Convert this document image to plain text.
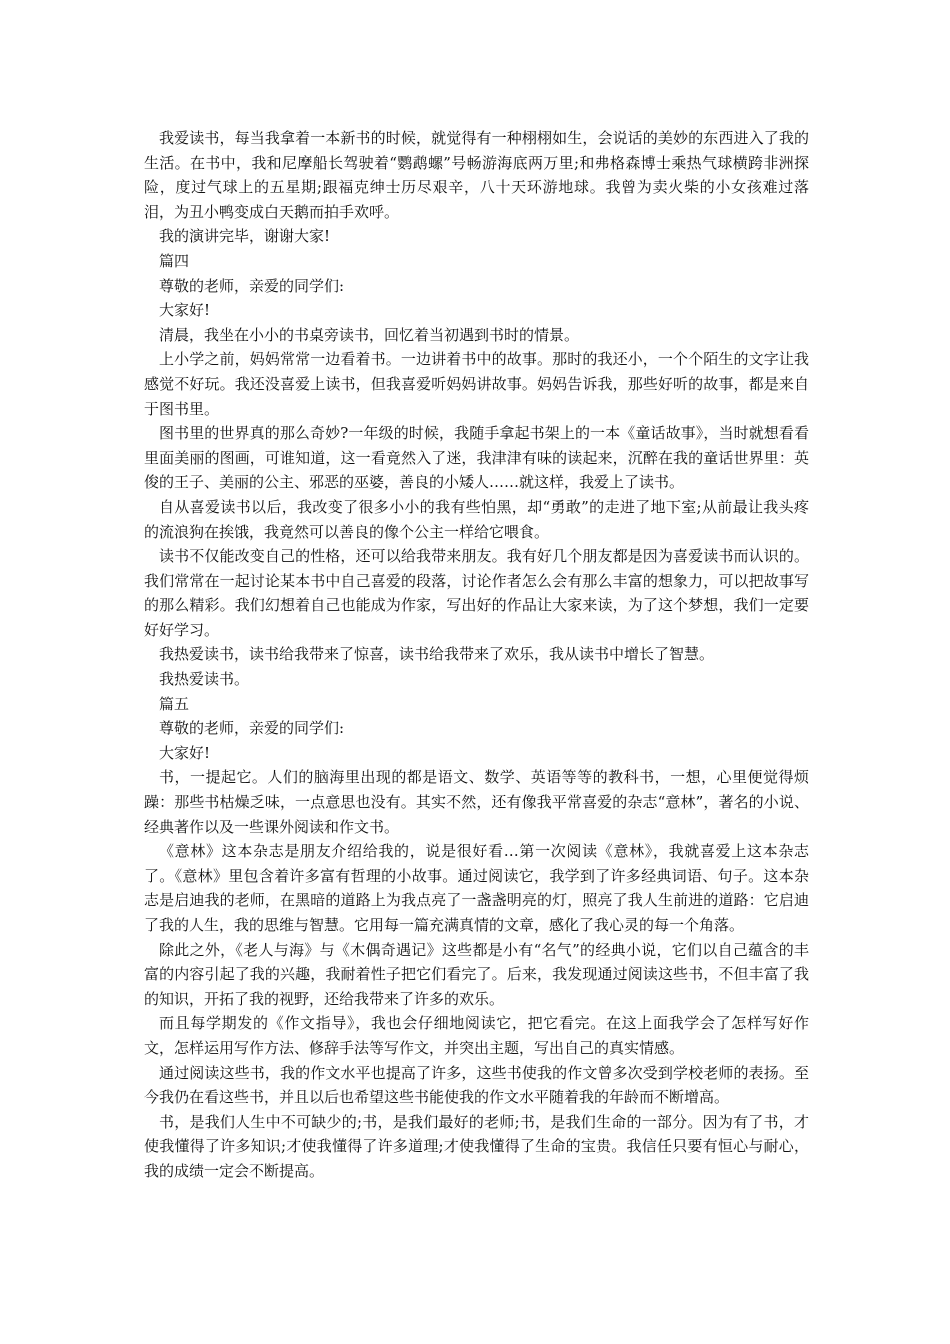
我爱读书，每当我拿着一本新书的时候，就觉得有一种栩栩如生，会说话的美妙的东西进入了我的生活。在书中，我和尼摩船长驾驶着“鹦鹉螺”号畅游海底两万里;和弗格森博士乘热气球横跨非洲探险，度过气球上的五星期;跟福克绅士历尽艰辛，八十天环游地球。我曾为卖火柴的小女孩难过落泪，为丑小鸭变成白天鹅而拍手欢呼。

我的演讲完毕，谢谢大家!

篇四

尊敬的老师，亲爱的同学们:

大家好!

清晨，我坐在小小的书桌旁读书，回忆着当初遇到书时的情景。

上小学之前，妈妈常常一边看着书。一边讲着书中的故事。那时的我还小，一个个陌生的文字让我感觉不好玩。我还没喜爱上读书，但我喜爱听妈妈讲故事。妈妈告诉我，那些好听的故事，都是来自于图书里。

图书里的世界真的那么奇妙?一年级的时候，我随手拿起书架上的一本《童话故事》，当时就想看看里面美丽的图画，可谁知道，这一看竟然入了迷，我津津有味的读起来，沉醉在我的童话世界里：英俊的王子、美丽的公主、邪恶的巫婆，善良的小矮人……就这样，我爱上了读书。

自从喜爱读书以后，我改变了很多小小的我有些怕黑，却“勇敢”的走进了地下室;从前最让我头疼的流浪狗在挨饿，我竟然可以善良的像个公主一样给它喂食。

读书不仅能改变自己的性格，还可以给我带来朋友。我有好几个朋友都是因为喜爱读书而认识的。我们常常在一起讨论某本书中自己喜爱的段落，讨论作者怎么会有那么丰富的想象力，可以把故事写的那么精彩。我们幻想着自己也能成为作家，写出好的作品让大家来读，为了这个梦想，我们一定要好好学习。

我热爱读书，读书给我带来了惊喜，读书给我带来了欢乐，我从读书中增长了智慧。

我热爱读书。

篇五

尊敬的老师，亲爱的同学们:

大家好!

书，一提起它。人们的脑海里出现的都是语文、数学、英语等等的教科书，一想，心里便觉得烦躁：那些书枯燥乏味，一点意思也没有。其实不然，还有像我平常喜爱的杂志“意林”，著名的小说、经典著作以及一些课外阅读和作文书。

《意林》这本杂志是朋友介绍给我的，说是很好看…第一次阅读《意林》，我就喜爱上这本杂志了。《意林》里包含着许多富有哲理的小故事。通过阅读它，我学到了许多经典词语、句子。这本杂志是启迪我的老师，在黑暗的道路上为我点亮了一盏盏明亮的灯，照亮了我人生前进的道路：它启迪了我的人生，我的思维与智慧。它用每一篇充满真情的文章，感化了我心灵的每一个角落。

除此之外，《老人与海》与《木偶奇遇记》这些都是小有“名气”的经典小说，它们以自己蕴含的丰富的内容引起了我的兴趣，我耐着性子把它们看完了。后来，我发现通过阅读这些书，不但丰富了我的知识，开拓了我的视野，还给我带来了许多的欢乐。

而且每学期发的《作文指导》，我也会仔细地阅读它，把它看完。在这上面我学会了怎样写好作文，怎样运用写作方法、修辞手法等写作文，并突出主题，写出自己的真实情感。

通过阅读这些书，我的作文水平也提高了许多，这些书使我的作文曾多次受到学校老师的表扬。至今我仍在看这些书，并且以后也希望这些书能使我的作文水平随着我的年龄而不断增高。

书，是我们人生中不可缺少的;书，是我们最好的老师;书，是我们生命的一部分。因为有了书，才使我懂得了许多知识;才使我懂得了许多道理;才使我懂得了生命的宝贵。我信任只要有恒心与耐心，我的成绩一定会不断提高。
